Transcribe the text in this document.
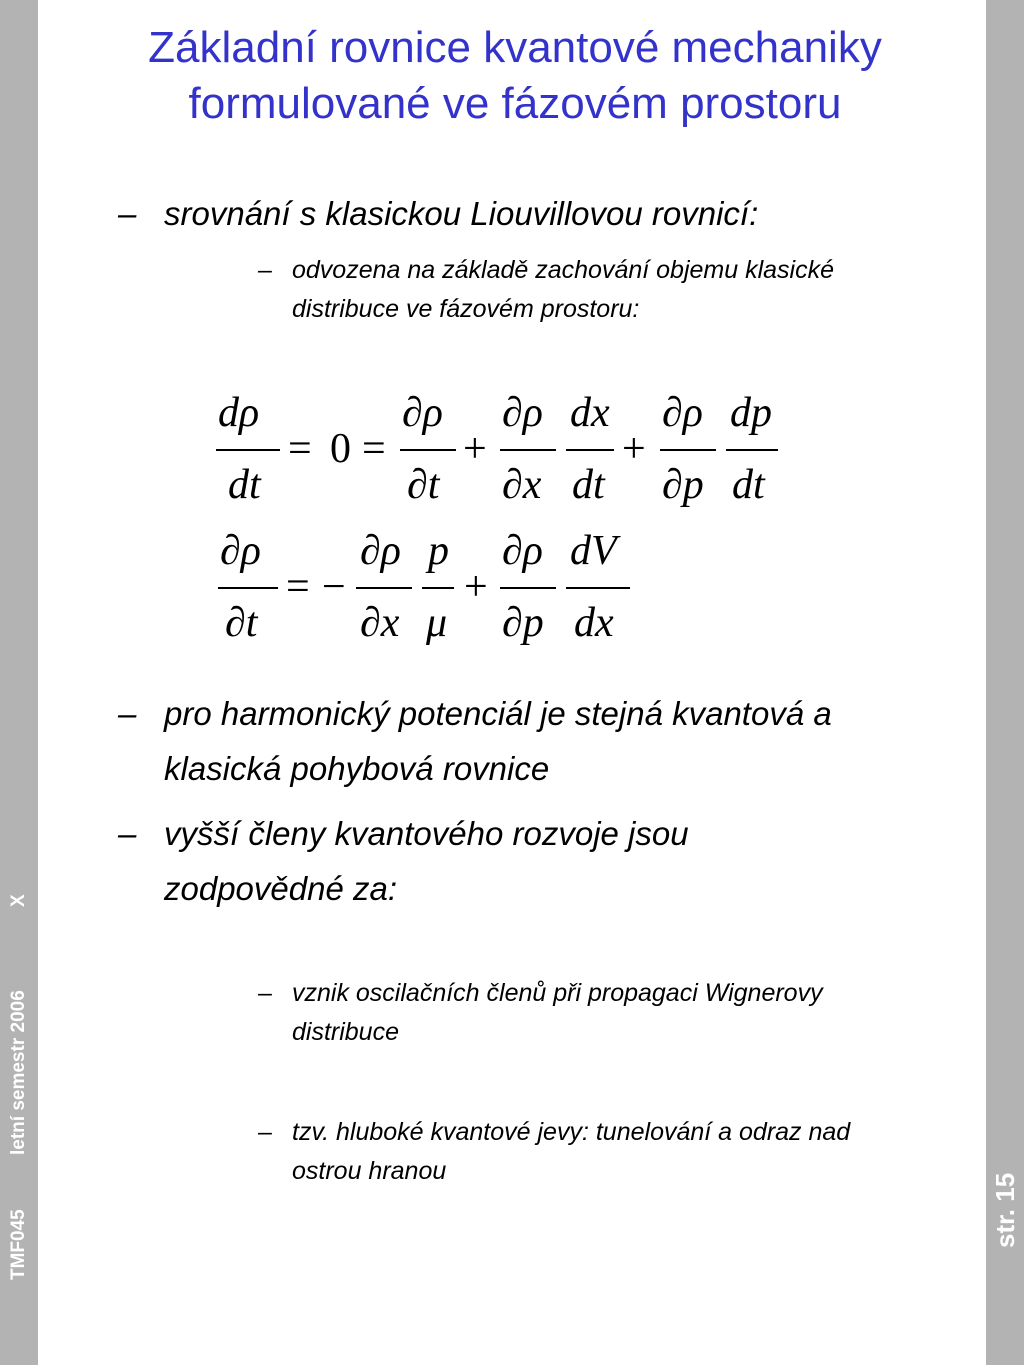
TMF045
letní semestr 2006
X
str. 15
Základní rovnice kvantové mechaniky
formulované ve fázovém prostoru
– srovnání s klasickou Liouvillovou rovnicí:
– odvozena na základě zachování objemu klasické
distribuce ve fázovém prostoru:
dρ
dt
= 0 =
∂ρ
∂t
+
∂ρ
∂x
dx
dt
+
∂ρ
∂p
dp
dt
∂ρ
∂t
= −
∂ρ
∂x
p
μ
+
∂ρ
∂p
dV
dx
– pro harmonický potenciál je stejná kvantová a
klasická pohybová rovnice
– vyšší členy kvantového rozvoje jsou
zodpovědné za:
– vznik oscilačních členů při propagaci Wignerovy
distribuce
– tzv. hluboké kvantové jevy: tunelování a odraz nad
ostrou hranou
